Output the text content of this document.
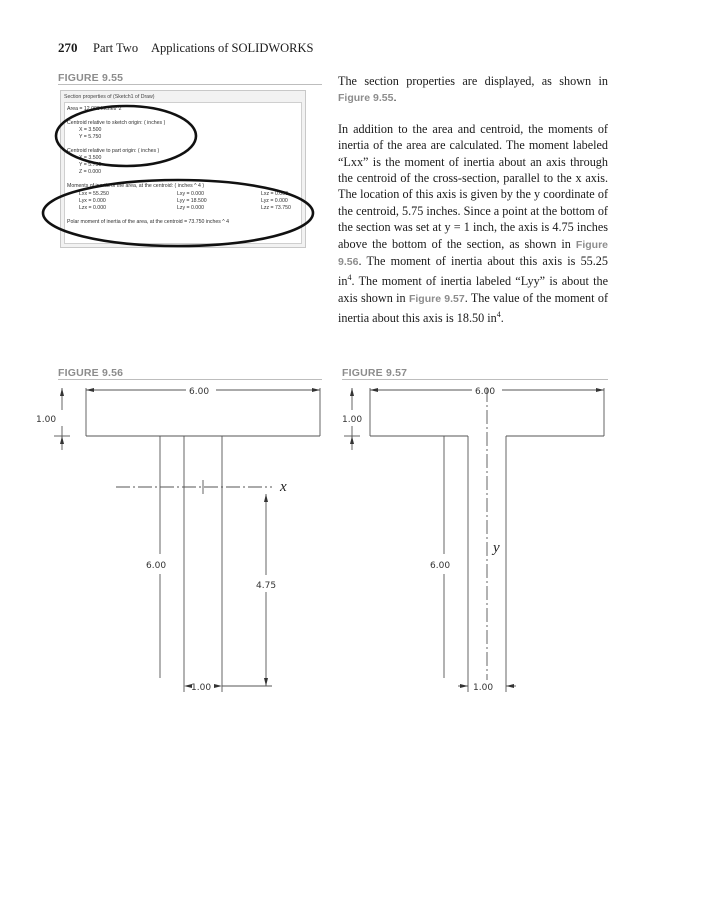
270 Part Two Applications of SOLIDWORKS
FIGURE 9.55
Section properties of (Sketch1 of Draw)
Area = 12.000 inches^2
Centroid relative to sketch origin: ( inches )
X = 3.500
Y = 5.750
Centroid relative to part origin: ( inches )
X = 3.500
Y = 5.750
Z = 0.000
Moments of inertia of the area, at the centroid: ( inches ^ 4 )
Lxx = 55.250
Lyx = 0.000
Lzx = 0.000
Lxy = 0.000
Lyy = 18.500
Lzy = 0.000
Lxz = 0.000
Lyz = 0.000
Lzz = 73.750
Polar moment of inertia of the area, at the centroid = 73.750 inches ^ 4

The section properties are displayed, as shown in Figure 9.55.

In addition to the area and centroid, the moments of inertia of the area are calculated. The moment labeled “Lxx” is the moment of inertia about an axis through the centroid of the cross-section, parallel to the x axis. The location of this axis is given by the y coordinate of the centroid, 5.75 inches. Since a point at the bottom of the section was set at y = 1 inch, the axis is 4.75 inches above the bottom of the section, as shown in Figure 9.56. The moment of inertia about this axis is 55.25 $in^4$. The moment of inertia labeled “Lyy” is about the axis shown in Figure 9.57. The value of the moment of inertia about this axis is 18.50 $in^4$.

FIGURE 9.56
6.00
1.00
6.00
4.75
1.00
x
FIGURE 9.57
6.00
1.00
6.00
1.00
y
